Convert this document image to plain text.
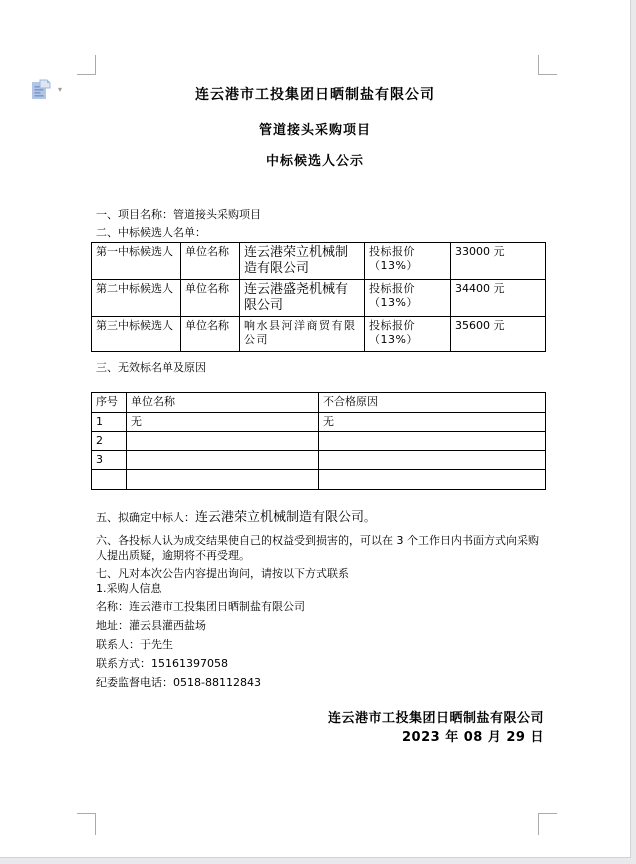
▾	连云港市工投集团日晒制盐有限公司
管道接头采购项目
中标候选人公示
一、项目名称：管道接头采购项目
二、中标候选人名单：
第一中标候选人	单位名称	连云港荣立机械制造有限公司	投标报价（13%）	33000 元
第二中标候选人	单位名称	连云港盛尧机械有限公司	投标报价（13%）	34400 元
第三中标候选人	单位名称	响水县河洋商贸有限公司	投标报价（13%）	35600 元
三、无效标名单及原因
序号	单位名称	不合格原因
1	无	无
2		
3		

五、拟确定中标人：连云港荣立机械制造有限公司。
六、各投标人认为成交结果使自己的权益受到损害的，可以在 3 个工作日内书面方式向采购人提出质疑，逾期将不再受理。
七、凡对本次公告内容提出询问，请按以下方式联系
1.采购人信息
名称：连云港市工投集团日晒制盐有限公司
地址：灌云县灌西盐场
联系人：于先生
联系方式：15161397058
纪委监督电话：0518-88112843
连云港市工投集团日晒制盐有限公司
2023 年 08 月 29 日
